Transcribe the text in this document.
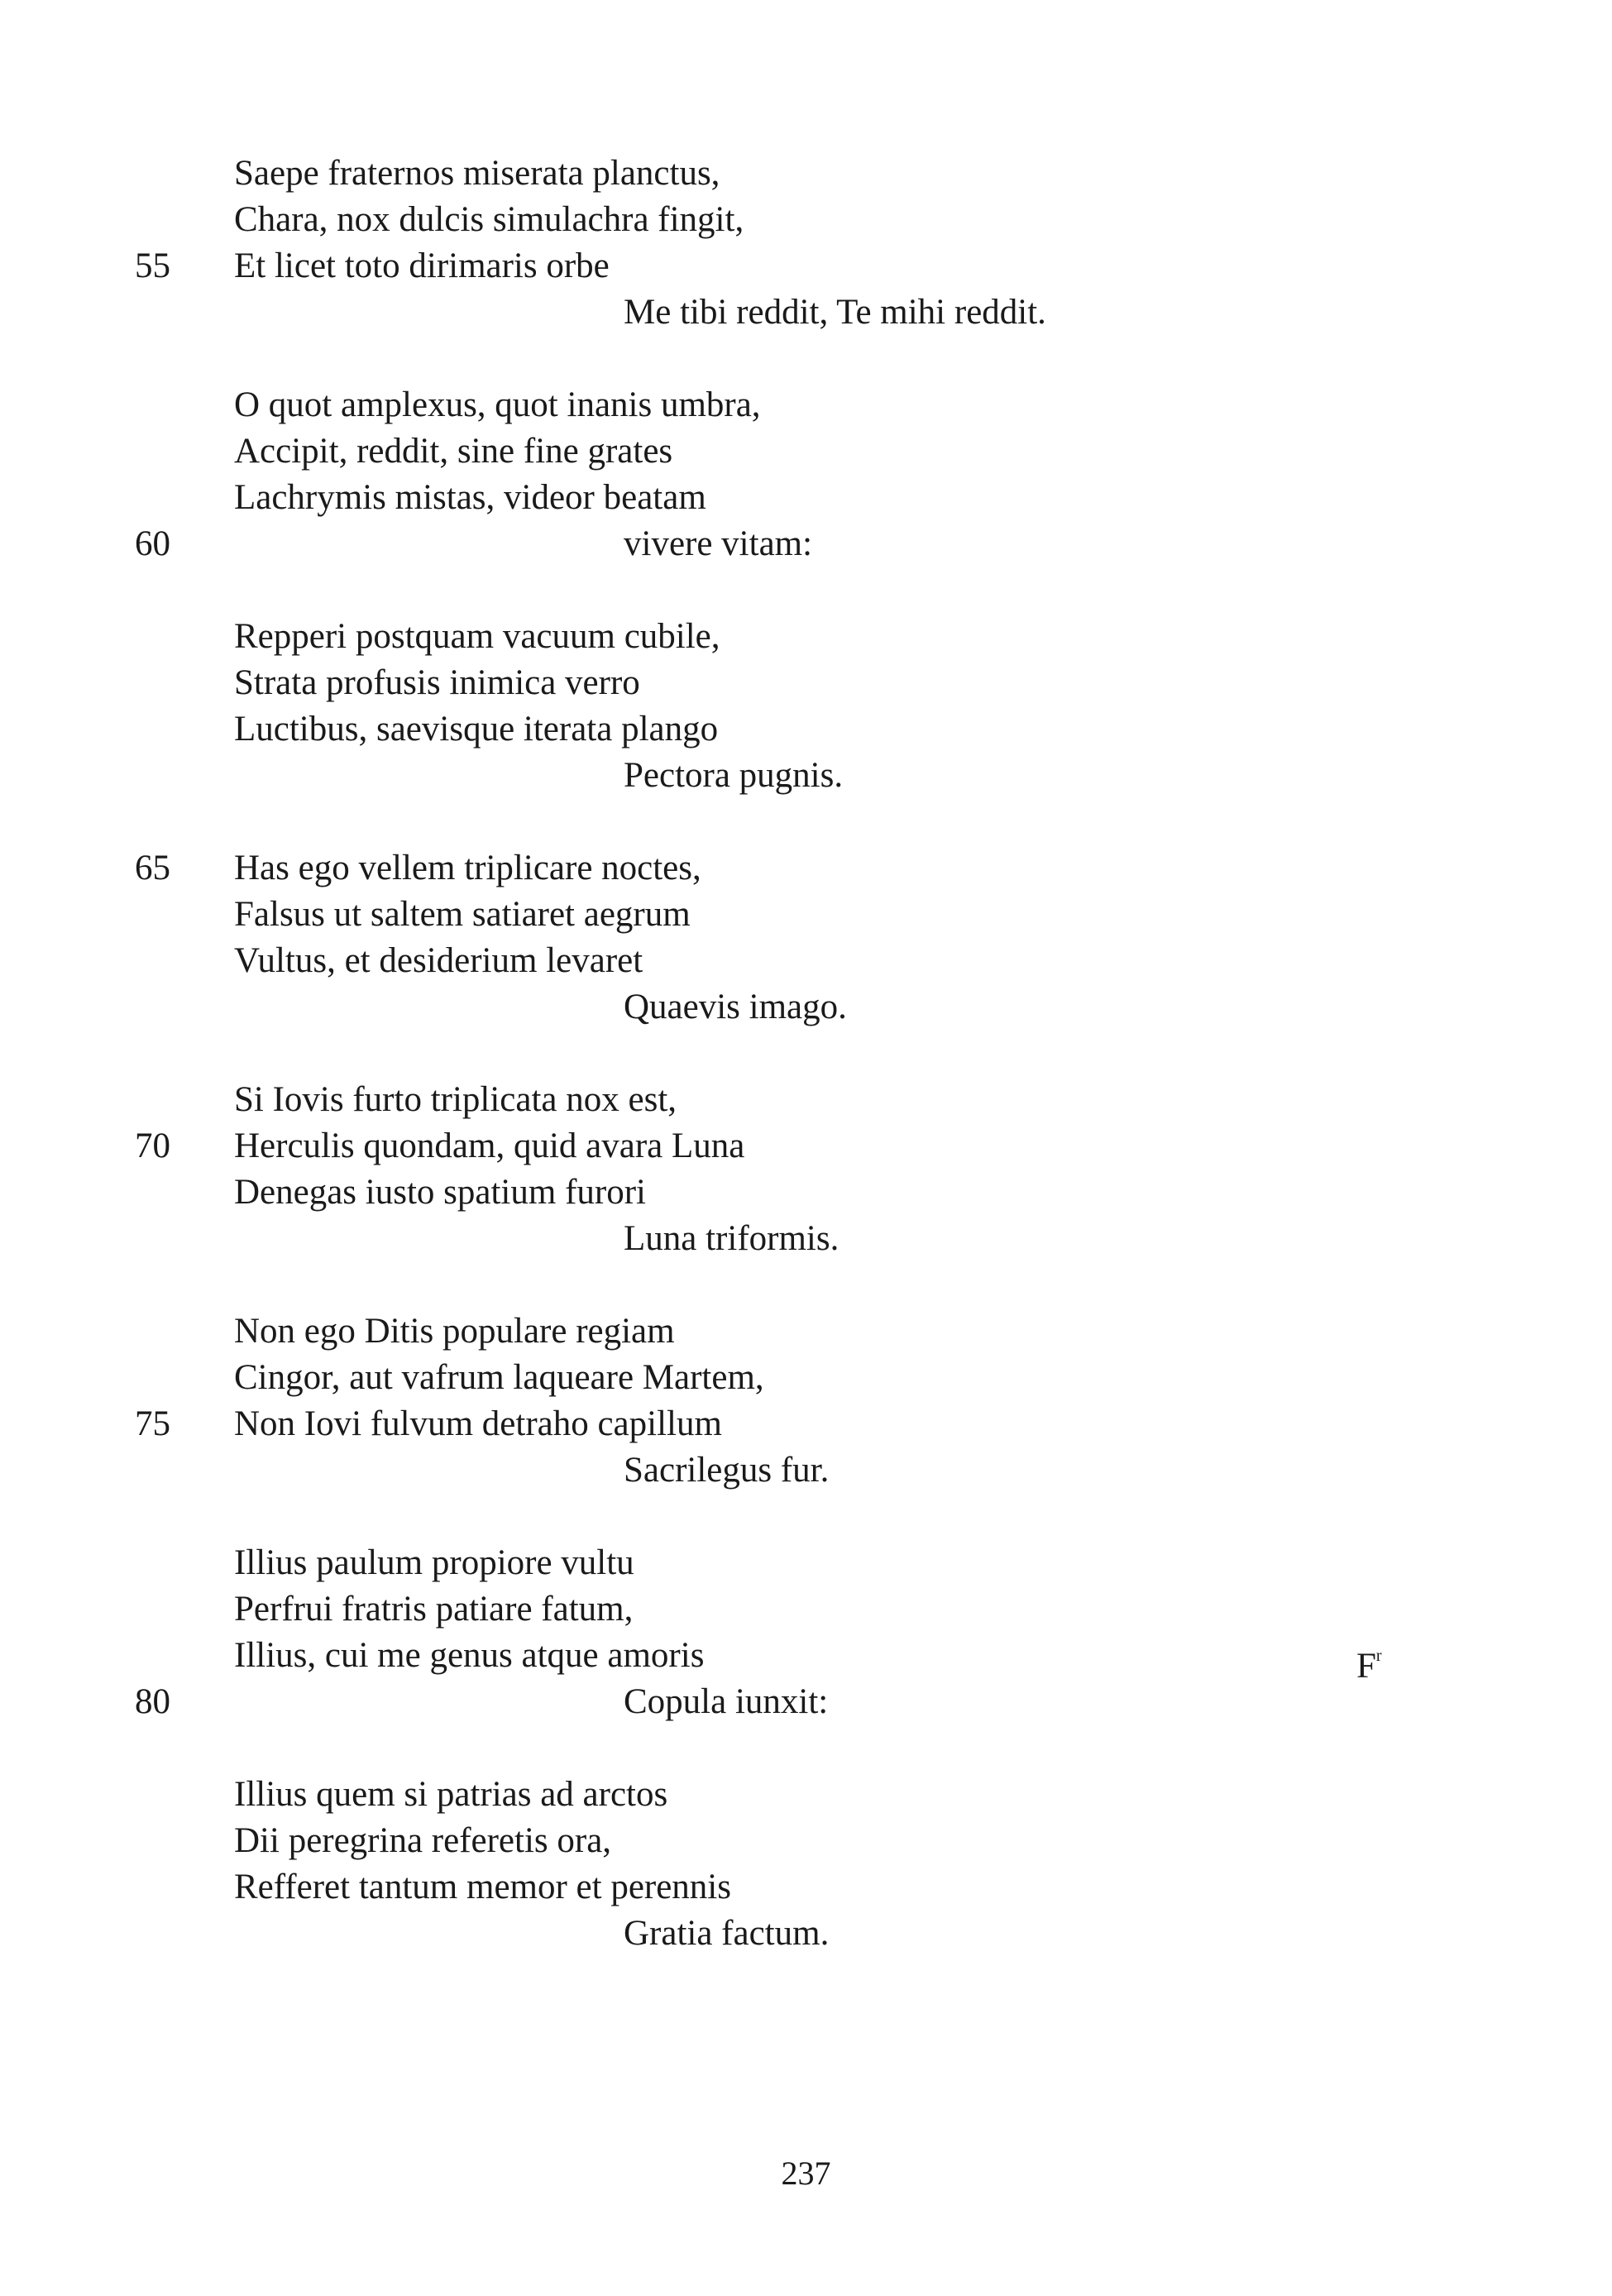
Saepe fraternos miserata planctus,
Chara, nox dulcis simulachra fingit,
55 Et licet toto dirimaris orbe
Me tibi reddit, Te mihi reddit.
O quot amplexus, quot inanis umbra,
Accipit, reddit, sine fine grates
Lachrymis mistas, videor beatam
60	vivere vitam:
Repperi postquam vacuum cubile,
Strata profusis inimica verro
Luctibus, saevisque iterata plango
Pectora pugnis.
65 Has ego vellem triplicare noctes,
Falsus ut saltem satiaret aegrum
Vultus, et desiderium levaret
Quaevis imago.
Si Iovis furto triplicata nox est,
70 Herculis quondam, quid avara Luna
Denegas iusto spatium furori
Luna triformis.
Non ego Ditis populare regiam
Cingor, aut vafrum laqueare Martem,
75 Non Iovi fulvum detraho capillum
Sacrilegus fur.
Illius paulum propiore vultu
Perfrui fratris patiare fatum,
Illius, cui me genus atque amoris	$F^r$
80	Copula iunxit:
Illius quem si patrias ad arctos
Dii peregrina referetis ora,
Refferet tantum memor et perennis
Gratia factum.
237
